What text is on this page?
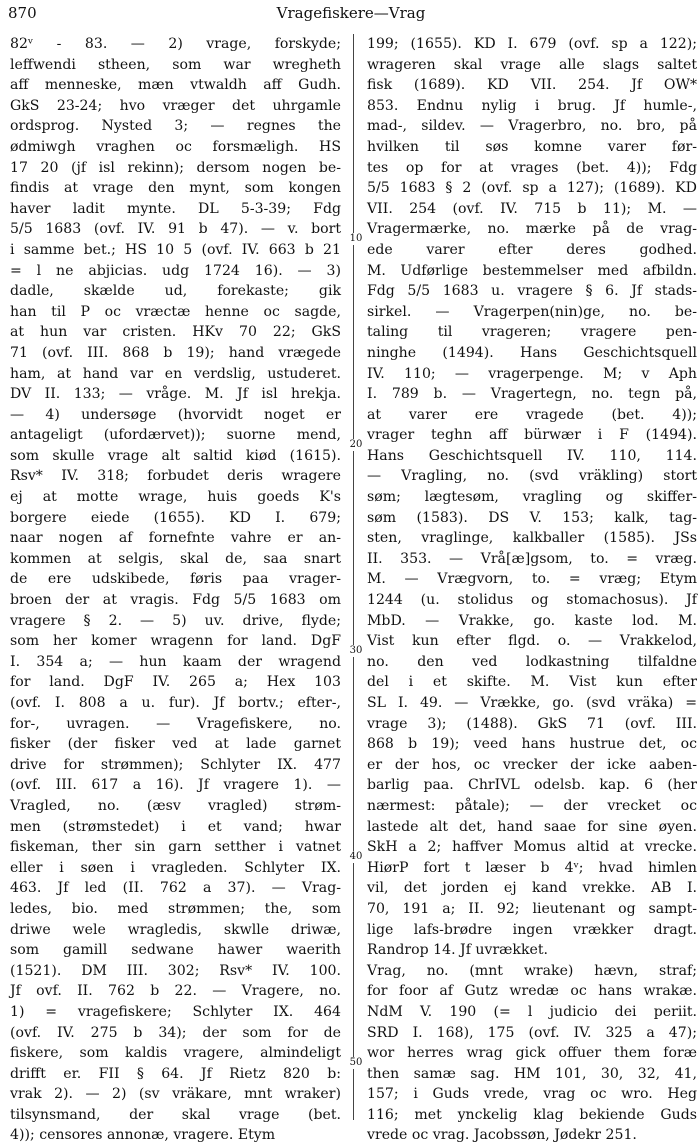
870	Vragefiskere—Vrag
10
20
30
40
50
82ᵛ - 83. — 2) vrage, forskyde;
leffwendi stheen, som war wregheth
aff menneske, mæn vtwaldh aff Gudh.
GkS 23-24; hvo vræger det uhrgamle
ordsprog. Nysted 3; — regnes the
ødmiwgh vraghen oc forsmæligh. HS
17 20 (jf isl rekinn); dersom nogen be-
findis at vrage den mynt, som kongen
haver ladit mynte. DL 5-3-39; Fdg
5/5 1683 (ovf. IV. 91 b 47). — v. bort
i samme bet.; HS 10 5 (ovf. IV. 663 b 21
= l ne abjicias. udg 1724 16). — 3)
dadle, skælde ud, forekaste; gik
han til P oc vræctæ henne oc sagde,
at hun var cristen. HKv 70 22; GkS
71 (ovf. III. 868 b 19); hand vrægede
ham, at hand var en verdslig, ustuderet.
DV II. 133; — vråge. M. Jf isl hrekja.
— 4) undersøge (hvorvidt noget er
antageligt (ufordærvet)); suorne mend,
som skulle vrage alt saltid kiød (1615).
Rsv* IV. 318; forbudet deris wragere
ej at motte wrage, huis goeds K's
borgere eiede (1655). KD I. 679;
naar nogen af fornefnte vahre er an-
kommen at selgis, skal de, saa snart
de ere udskibede, føris paa vrager-
broen der at vragis. Fdg 5/5 1683 om
vragere § 2. — 5) uv. drive, flyde;
som her komer wragenn for land. DgF
I. 354 a; — hun kaam der wragend
for land. DgF IV. 265 a; Hex 103
(ovf. I. 808 a u. fur). Jf bortv.; efter-,
for-, uvragen. — Vragefiskere, no.
fisker (der fisker ved at lade garnet
drive for strømmen); Schlyter IX. 477
(ovf. III. 617 a 16). Jf vragere 1). —
Vragled, no. (æsv vragled) strøm-
men (strømstedet) i et vand; hwar
fiskeman, ther sin garn setther i vatnet
eller i søen i vragleden. Schlyter IX.
463. Jf led (II. 762 a 37). — Vrag-
ledes, bio. med strømmen; the, som
driwe wele wragledis, skwlle driwæ,
som gamill sedwane hawer waerith
(1521). DM III. 302; Rsv* IV. 100.
Jf ovf. II. 762 b 22. — Vragere, no.
1) = vragefiskere; Schlyter IX. 464
(ovf. IV. 275 b 34); der som for de
fiskere, som kaldis vragere, almindeligt
drifft er. FII § 64. Jf Rietz 820 b:
vrak 2). — 2) (sv vräkare, mnt wraker)
tilsynsmand, der skal vrage (bet.
4)); censores annonæ, vragere. Etym
199; (1655). KD I. 679 (ovf. sp a 122);
wrageren skal vrage alle slags saltet
fisk (1689). KD VII. 254. Jf OW*
853. Endnu nylig i brug. Jf humle-,
mad-, sildev. — Vragerbro, no. bro, på
hvilken til søs komne varer før-
tes op for at vrages (bet. 4)); Fdg
5/5 1683 § 2 (ovf. sp a 127); (1689). KD
VII. 254 (ovf. IV. 715 b 11); M. —
Vragermærke, no. mærke på de vrag-
ede varer efter deres godhed.
M. Udførlige bestemmelser med afbildn.
Fdg 5/5 1683 u. vragere § 6. Jf stads-
sirkel. — Vragerpen(nin)ge, no. be-
taling til vrageren; vragere pen-
ninghe (1494). Hans Geschichtsquell
IV. 110; — vragerpenge. M; v Aph
I. 789 b. — Vragertegn, no. tegn på,
at varer ere vragede (bet. 4));
vrager teghn aff bürwær i F (1494).
Hans Geschichtsquell IV. 110, 114.
— Vragling, no. (svd vräkling) stort
søm; lægtesøm, vragling og skiffer-
søm (1583). DS V. 153; kalk, tag-
sten, vraglinge, kalkballer (1585). JSs
II. 353. — Vrå[æ]gsom, to. = vræg.
M. — Vrægvorn, to. = vræg; Etym
1244 (u. stolidus og stomachosus). Jf
MbD. — Vrakke, go. kaste lod. M.
Vist kun efter flgd. o. — Vrakkelod,
no. den ved lodkastning tilfaldne
del i et skifte. M. Vist kun efter
SL I. 49. — Vrække, go. (svd vräka) =
vrage 3); (1488). GkS 71 (ovf. III.
868 b 19); veed hans hustrue det, oc
er der hos, oc vrecker der icke aaben-
barlig paa. ChrIVL odelsb. kap. 6 (her
nærmest: påtale); — der vrecket oc
lastede alt det, hand saae for sine øyen.
SkH a 2; haffver Momus altid at vrecke.
HiørP fort t læser b 4ᵛ; hvad himlen
vil, det jorden ej kand vrekke. AB I.
70, 191 a; II. 92; lieutenant og sampt-
lige lafs-brødre ingen vrækker dragt.
Randrop 14. Jf uvrækket.
Vrag, no. (mnt wrake) hævn, straf;
for foor af Gutz wredæ oc hans wrakæ.
NdM V. 190 (= l judicio dei periit.
SRD I. 168), 175 (ovf. IV. 325 a 47);
wor herres wrag gick offuer them foræ
then samæ sag. HM 101, 30, 32, 41,
157; i Guds vrede, vrag oc wro. Heg
116; met ynckelig klag bekiende Guds
vrede oc vrag. Jacobssøn, Jødekr 251.
